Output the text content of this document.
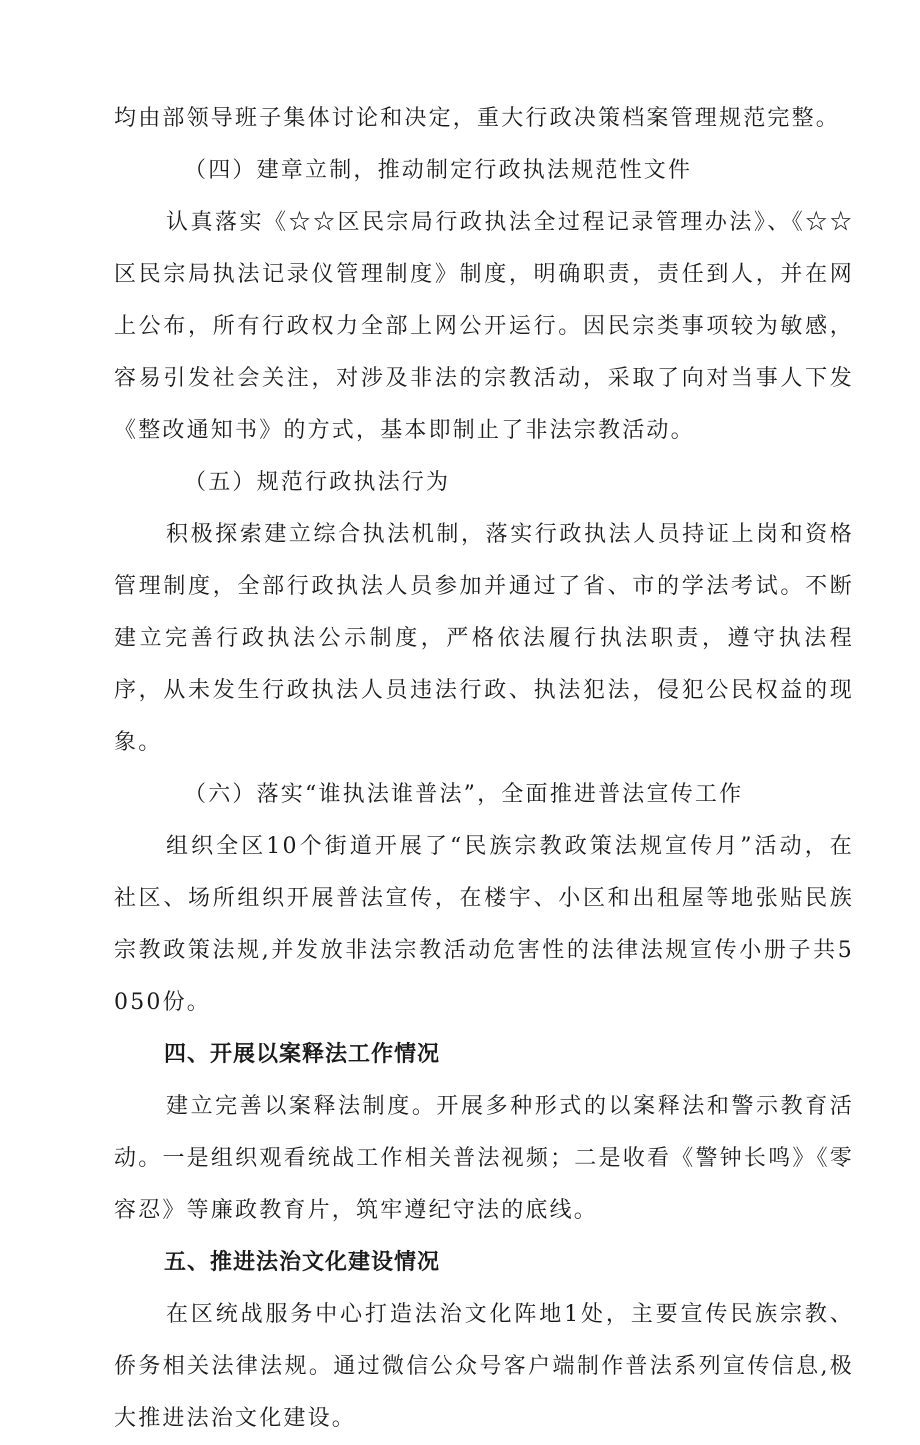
均由部领导班子集体讨论和决定，重大行政决策档案管理规范完整。

（四）建章立制，推动制定行政执法规范性文件

认真落实《☆☆区民宗局行政执法全过程记录管理办法》、《☆☆区民宗局执法记录仪管理制度》制度，明确职责，责任到人，并在网上公布，所有行政权力全部上网公开运行。因民宗类事项较为敏感，容易引发社会关注，对涉及非法的宗教活动，采取了向对当事人下发《整改通知书》的方式，基本即制止了非法宗教活动。

（五）规范行政执法行为

积极探索建立综合执法机制，落实行政执法人员持证上岗和资格管理制度，全部行政执法人员参加并通过了省、市的学法考试。不断建立完善行政执法公示制度，严格依法履行执法职责，遵守执法程序，从未发生行政执法人员违法行政、执法犯法，侵犯公民权益的现象。

（六）落实“谁执法谁普法”，全面推进普法宣传工作

组织全区10个街道开展了“民族宗教政策法规宣传月”活动，在社区、场所组织开展普法宣传，在楼宇、小区和出租屋等地张贴民族宗教政策法规,并发放非法宗教活动危害性的法律法规宣传小册子共5050份。

四、开展以案释法工作情况

建立完善以案释法制度。开展多种形式的以案释法和警示教育活动。一是组织观看统战工作相关普法视频；二是收看《警钟长鸣》《零容忍》等廉政教育片，筑牢遵纪守法的底线。

五、推进法治文化建设情况

在区统战服务中心打造法治文化阵地1处，主要宣传民族宗教、侨务相关法律法规。通过微信公众号客户端制作普法系列宣传信息,极大推进法治文化建设。
